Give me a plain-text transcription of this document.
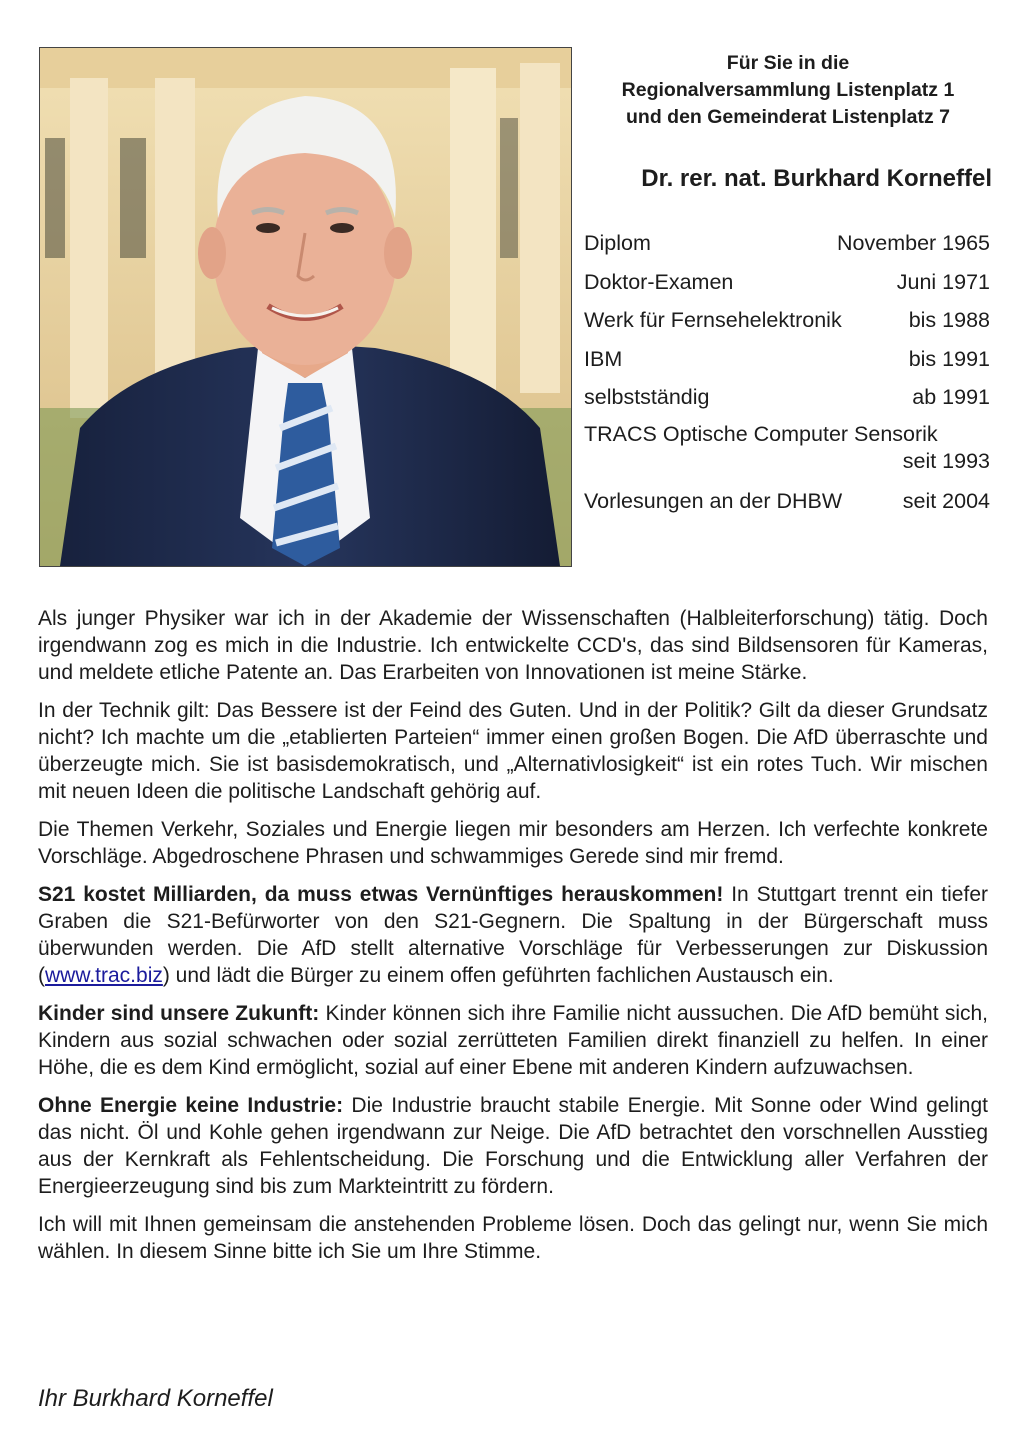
Für Sie in die
Regionalversammlung Listenplatz 1
und den Gemeinderat Listenplatz 7
Dr. rer. nat. Burkhard Korneffel
Diplom	November 1965
Doktor-Examen	Juni 1971
Werk für Fernsehelektronik	bis 1988
IBM	bis 1991
selbstständig	ab 1991
TRACS Optische Computer Sensorik
seit 1993
Vorlesungen an der DHBW	seit 2004

Als junger Physiker war ich in der Akademie der Wissenschaften (Halbleiterforschung) tätig. Doch irgendwann zog es mich in die Industrie. Ich entwickelte CCD's, das sind Bildsensoren für Kameras, und meldete etliche Patente an. Das Erarbeiten von Innovationen ist meine Stärke.

In der Technik gilt: Das Bessere ist der Feind des Guten. Und in der Politik? Gilt da dieser Grundsatz nicht? Ich machte um die „etablierten Parteien“ immer einen großen Bogen. Die AfD überraschte und überzeugte mich. Sie ist basisdemokratisch, und „Alternativlosigkeit“ ist ein rotes Tuch. Wir mischen mit neuen Ideen die politische Landschaft gehörig auf.

Die Themen Verkehr, Soziales und Energie liegen mir besonders am Herzen. Ich verfechte konkrete Vorschläge. Abgedroschene Phrasen und schwammiges Gerede sind mir fremd.

S21 kostet Milliarden, da muss etwas Vernünftiges herauskommen! In Stuttgart trennt ein tiefer Graben die S21-Befürworter von den S21-Gegnern. Die Spaltung in der Bürgerschaft muss überwunden werden. Die AfD stellt alternative Vorschläge für Verbesserungen zur Diskussion (www.trac.biz) und lädt die Bürger zu einem offen geführten fachlichen Austausch ein.

Kinder sind unsere Zukunft: Kinder können sich ihre Familie nicht aussuchen. Die AfD bemüht sich, Kindern aus sozial schwachen oder sozial zerrütteten Familien direkt finanziell zu helfen. In einer Höhe, die es dem Kind ermöglicht, sozial auf einer Ebene mit anderen Kindern aufzuwachsen.

Ohne Energie keine Industrie: Die Industrie braucht stabile Energie. Mit Sonne oder Wind gelingt das nicht. Öl und Kohle gehen irgendwann zur Neige. Die AfD betrachtet den vorschnellen Ausstieg aus der Kernkraft als Fehlentscheidung. Die Forschung und die Entwicklung aller Verfahren der Energieerzeugung sind bis zum Markteintritt zu fördern.

Ich will mit Ihnen gemeinsam die anstehenden Probleme lösen. Doch das gelingt nur, wenn Sie mich wählen. In diesem Sinne bitte ich Sie um Ihre Stimme.

Ihr Burkhard Korneffel
